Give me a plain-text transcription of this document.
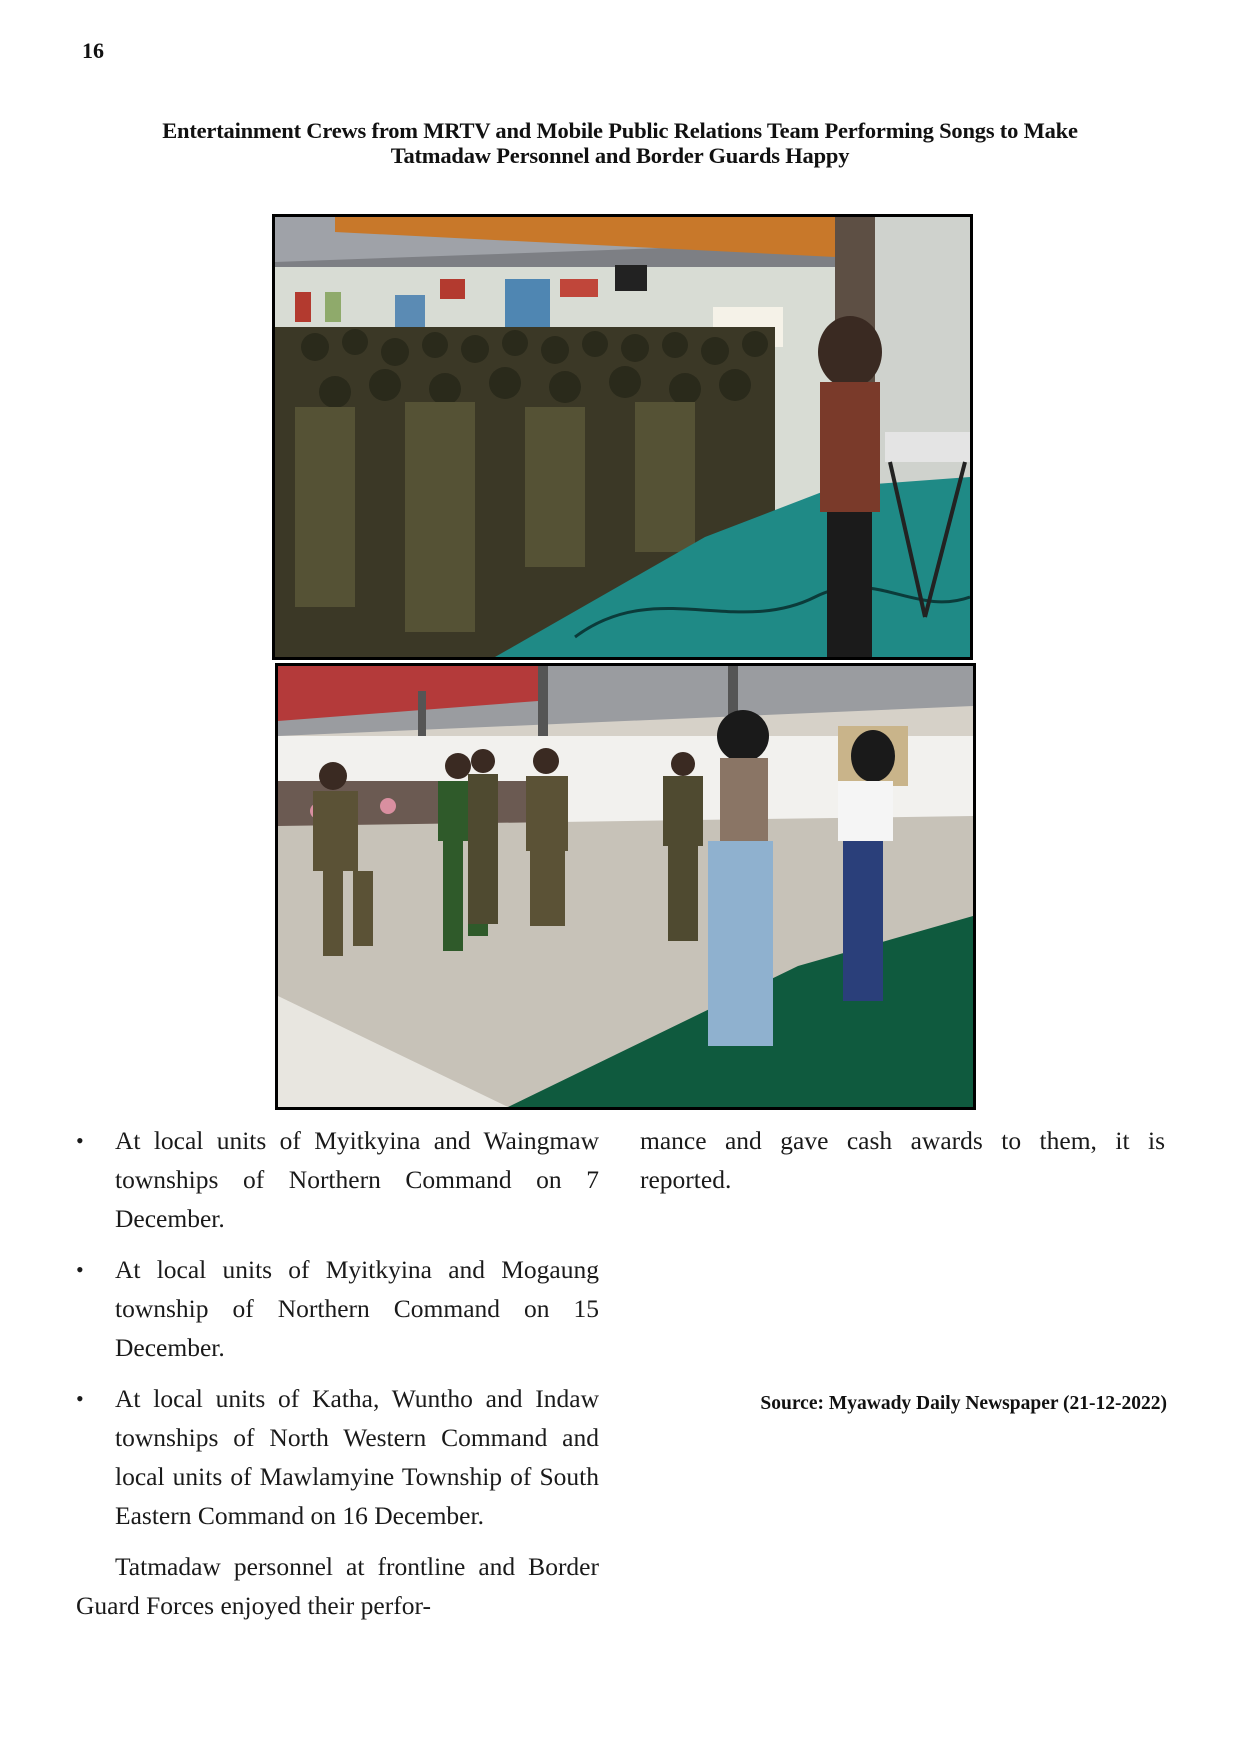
16
Entertainment Crews from MRTV and Mobile Public Relations Team Performing Songs to Make
Tatmadaw Personnel and Border Guards Happy
• At local units of Myitkyina and Waingmaw townships of Northern Command on 7 December.
• At local units of Myitkyina and Mogaung township of Northern Command on 15 December.
• At local units of Katha, Wuntho and Indaw townships of North Western Command and local units of Mawlamyine Township of South Eastern Command on 16 December.

Tatmadaw personnel at frontline and Border Guard Forces enjoyed their perfor-

mance and gave cash awards to them, it is reported.

Source: Myawady Daily Newspaper (21-12-2022)
